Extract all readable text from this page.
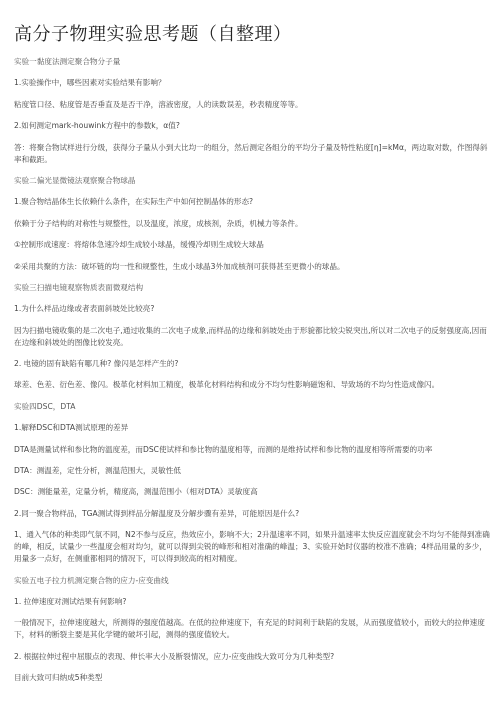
高分子物理实验思考题（自整理）

实验一黏度法测定聚合物分子量

1.实验操作中，哪些因素对实验结果有影响？

粘度管口径、粘度管是否垂直及是否干净，溶液密度，人的读数误差，秒表精度等等。

2.如何测定mark-houwink方程中的参数k，α值?

答：将聚合物试样进行分级，获得分子量从小到大比均一的组分，然后测定各组分的平均分子量及特性粘度[η]=kMα，两边取对数，作图得斜率和截距。

实验二偏光显微镜法观察聚合物球晶

1.聚合物结晶体生长依赖什么条件，在实际生产中如何控制晶体的形态?

依赖于分子结构的对称性与规整性，以及温度，浓度，成核剂，杂质，机械力等条件。

①控制形成速度：将熔体急速冷却生成较小球晶，缓慢冷却则生成较大球晶

②采用共聚的方法：破坏链的均一性和规整性，生成小球晶3外加成核剂可获得甚至更微小的球晶。

实验三扫描电镜观察物质表面微观结构

1.为什么样品边缘或者表面斜坡处比较亮?

因为扫描电镜收集的是二次电子,通过收集的二次电子成象,而样品的边缘和斜坡处由于形貌都比较尖锐突出,所以对二次电子的反射强度高,因而在边缘和斜坡处的图像比较发亮。

2. 电镜的固有缺陷有哪几种? 像闪是怎样产生的?

球差、色差、衍色差、像闪。极革化材料加工精度，极革化材料结构和成分不均匀性影响磁饱和、导致场的不均匀性造成像闪。

实验四DSC，DTA

1.解释DSC和DTA测试原理的差异

DTA是测量试样和参比物的温度差，而DSC使试样和参比物的温度相等，而测的是维持试样和参比物的温度相等所需要的功率

DTA：测温差，定性分析，测温范围大，灵敏性低

DSC：测能量差，定量分析，精度高，测温范围小（相对DTA）灵敏度高

2.同一聚合物样品，TGA测试得到样品分解温度及分解步骤有差异，可能原因是什么?

1、通入气体的种类即气氛不同，N2不参与反应，热效应小，影响不大；2升温速率不同，如果升温速率太快反应温度就会不均匀不能得到准确的峰，相反，试量少一些温度会相对均匀，就可以得到尖锐的峰形和相对准确的峰温；3、实验开始时仪器的校准不准确；4样品用量的多少，用量多一点好，在侧重都相同的情况下，可以得到较高的相对精度。

实验五电子拉力机测定聚合物的应力-应变曲线

1. 拉伸速度对测试结果有何影响?

一般情况下，拉伸速度越大，所测得的强度值越高。在低的拉伸速度下，有充足的时间利于缺陷的发展，从而强度值较小，而较大的拉伸速度下，材料的断裂主要是其化学键的破坏引起，测得的强度值较大。

2. 根据拉伸过程中屈服点的表现、伸长率大小及断裂情况，应力-应变曲线大致可分为几种类型?

目前大致可归纳成5种类型
